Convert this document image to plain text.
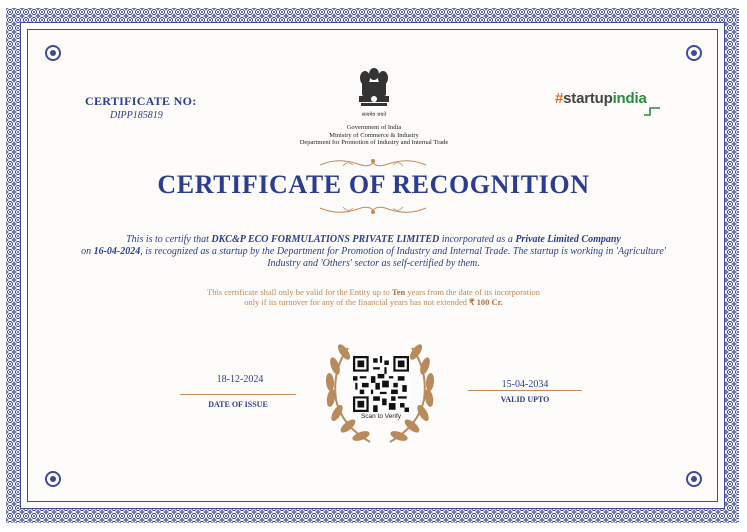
CERTIFICATE NO:
DIPP185819	सत्यमेव जयते
Government of India
Ministry of Commerce & Industry
Department for Promotion of Industry and Internal Trade
#startupindia
CERTIFICATE OF RECOGNITION
This is to certify that DKC&P ECO FORMULATIONS PRIVATE LIMITED incorporated as a Private Limited Company
on 16-04-2024, is recognized as a startup by the Department for Promotion of Industry and Internal Trade. The startup is working in 'Agriculture' Industry and 'Others' sector as self-certified by them.
This certificate shall only be valid for the Entity up to Ten years from the date of its incorporation
only if its turnover for any of the financial years has not extended ₹ 100 Cr.
18-12-2024
DATE OF ISSUE
15-04-2034
VALID UPTO
Scan to Verify
